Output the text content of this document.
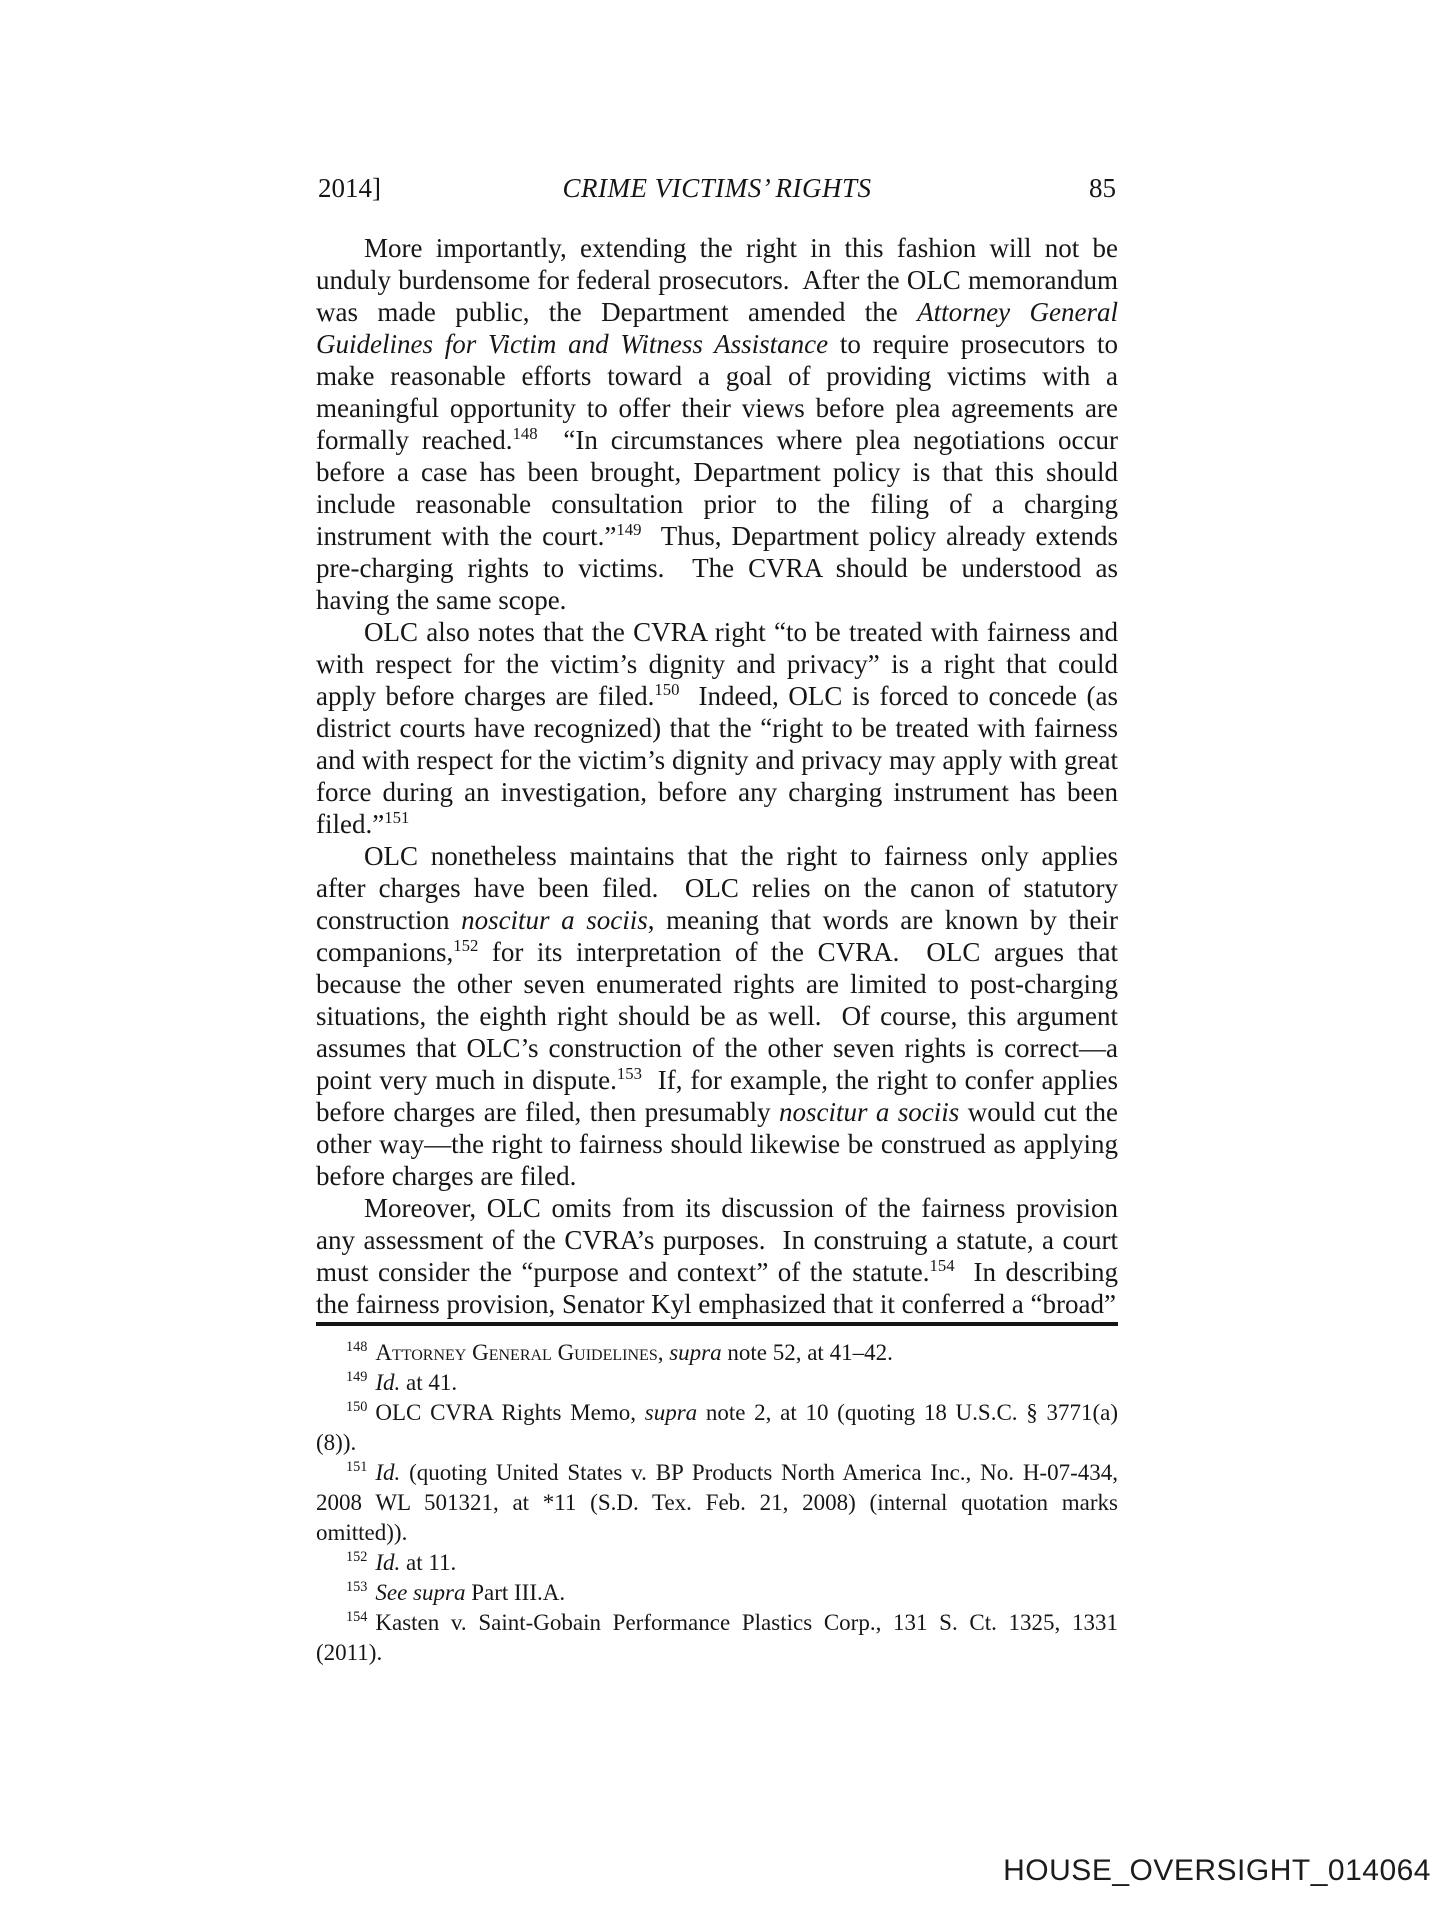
2014]	CRIME VICTIMS’ RIGHTS	85

More importantly, extending the right in this fashion will not be unduly burdensome for federal prosecutors.  After the OLC memorandum was made public, the Department amended the Attorney General Guidelines for Victim and Witness Assistance to require prosecutors to make reasonable efforts toward a goal of providing victims with a meaningful opportunity to offer their views before plea agreements are formally reached.$^{148}$  “In circumstances where plea negotiations occur before a case has been brought, Department policy is that this should include reasonable consultation prior to the filing of a charging instrument with the court.”$^{149}$  Thus, Department policy already extends pre-charging rights to victims.  The CVRA should be understood as having the same scope.

OLC also notes that the CVRA right “to be treated with fairness and with respect for the victim’s dignity and privacy” is a right that could apply before charges are filed.$^{150}$  Indeed, OLC is forced to concede (as district courts have recognized) that the “right to be treated with fairness and with respect for the victim’s dignity and privacy may apply with great force during an investigation, before any charging instrument has been filed.”$^{151}$

OLC nonetheless maintains that the right to fairness only applies after charges have been filed.  OLC relies on the canon of statutory construction noscitur a sociis, meaning that words are known by their companions,$^{152}$ for its interpretation of the CVRA.  OLC argues that because the other seven enumerated rights are limited to post-charging situations, the eighth right should be as well.  Of course, this argument assumes that OLC’s construction of the other seven rights is correct—a point very much in dispute.$^{153}$  If, for example, the right to confer applies before charges are filed, then presumably noscitur a sociis would cut the other way—the right to fairness should likewise be construed as applying before charges are filed.

Moreover, OLC omits from its discussion of the fairness provision any assessment of the CVRA’s purposes.  In construing a statute, a court must consider the “purpose and context” of the statute.$^{154}$  In describing the fairness provision, Senator Kyl emphasized that it conferred a “broad”

$^{148}$ Attorney General Guidelines, supra note 52, at 41–42.

$^{149}$ Id. at 41.

$^{150}$ OLC CVRA Rights Memo, supra note 2, at 10 (quoting 18 U.S.C. § 3771(a)(8)).

$^{151}$ Id. (quoting United States v. BP Products North America Inc., No. H-07-434, 2008 WL 501321, at *11 (S.D. Tex. Feb. 21, 2008) (internal quotation marks omitted)).

$^{152}$ Id. at 11.

$^{153}$ See supra Part III.A.

$^{154}$ Kasten v. Saint-Gobain Performance Plastics Corp., 131 S. Ct. 1325, 1331 (2011).

HOUSE_OVERSIGHT_014064
